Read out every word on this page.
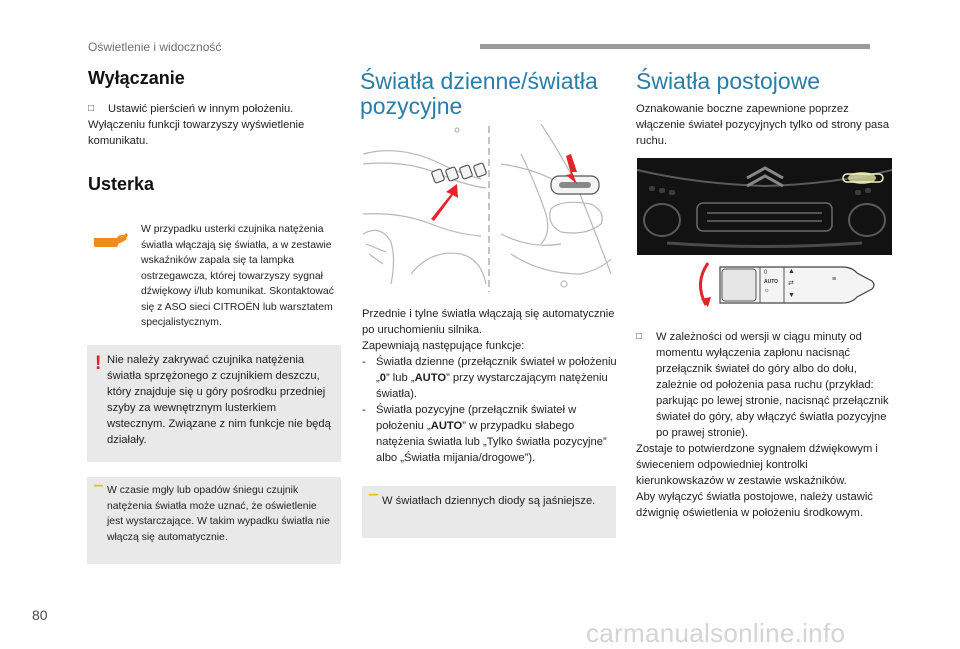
Oświetlenie i widoczność
Wyłączanie
□	Ustawić pierścień w innym położeniu.
Wyłączeniu funkcji towarzyszy wyświetlenie komunikatu.
Usterka
W przypadku usterki czujnika natężenia światła włączają się światła, a w zestawie wskaźników zapala się ta lampka ostrzegawcza, której towarzyszy sygnał dźwiękowy i/lub komunikat. Skontaktować się z ASO sieci CITROËN lub warsztatem specjalistycznym.
! Nie należy zakrywać czujnika natężenia światła sprzężonego z czujnikiem deszczu, który znajduje się u góry pośrodku przedniej szyby za wewnętrznym lusterkiem wstecznym. Związane z nim funkcje nie będą działały.
‾ W czasie mgły lub opadów śniegu czujnik natężenia światła może uznać, że oświetlenie jest wystarczające. W takim wypadku światła nie włączą się automatycznie.
Światła dzienne/światła pozycyjne
Przednie i tylne światła włączają się automatycznie po uruchomieniu silnika.
Zapewniają następujące funkcje:
- Światła dzienne (przełącznik świateł w położeniu „0” lub „AUTO” przy wystarczającym natężeniu światła).
- Światła pozycyjne (przełącznik świateł w położeniu „AUTO” w przypadku słabego natężenia światła lub „Tylko światła pozycyjne” albo „Światła mijania/drogowe”).
‾ W światłach dziennych diody są jaśniejsze.
Światła postojowe
Oznakowanie boczne zapewnione poprzez włączenie świateł pozycyjnych tylko od strony pasa ruchu.
0
AUTO
☼
▲
⇄
▼
≡
□	W zależności od wersji w ciągu minuty od momentu wyłączenia zapłonu nacisnąć przełącznik świateł do góry albo do dołu, zależnie od położenia pasa ruchu (przykład: parkując po lewej stronie, nacisnąć przełącznik świateł do góry, aby włączyć światła pozycyjne po prawej stronie).
Zostaje to potwierdzone sygnałem dźwiękowym i świeceniem odpowiedniej kontrolki kierunkowskazów w zestawie wskaźników.
Aby wyłączyć światła postojowe, należy ustawić dźwignię oświetlenia w położeniu środkowym.
80
carmanualsonline.info
